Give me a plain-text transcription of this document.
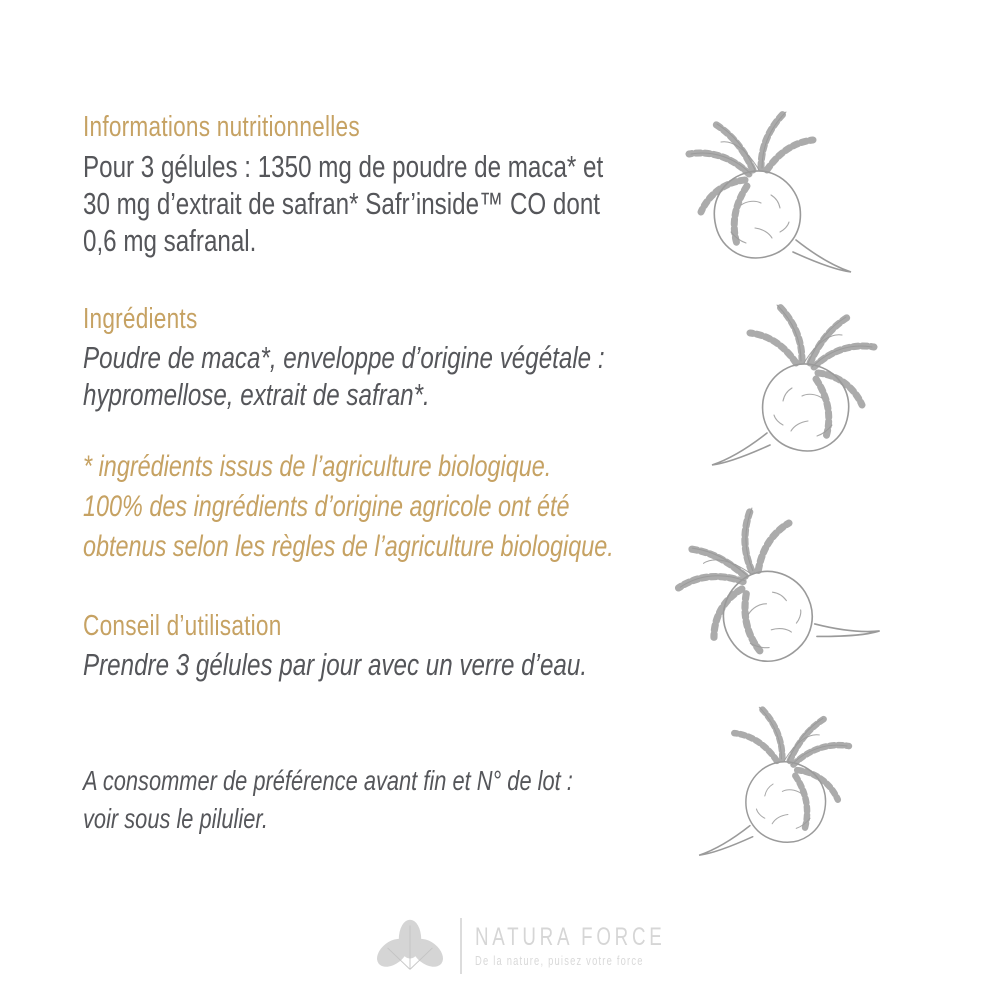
Informations nutritionnelles
Pour 3 gélules : 1350 mg de poudre de maca* et
30 mg d’extrait de safran* Safr’inside™ CO dont
0,6 mg safranal.
Ingrédients
Poudre de maca*, enveloppe d’origine végétale :
hypromellose, extrait de safran*.
* ingrédients issus de l’agriculture biologique.
100% des ingrédients d’origine agricole ont été
obtenus selon les règles de l’agriculture biologique.
Conseil d’utilisation
Prendre 3 gélules par jour avec un verre d’eau.
A consommer de préférence avant fin et N° de lot :
voir sous le pilulier.
NATURA FORCE
De la nature, puisez votre force
